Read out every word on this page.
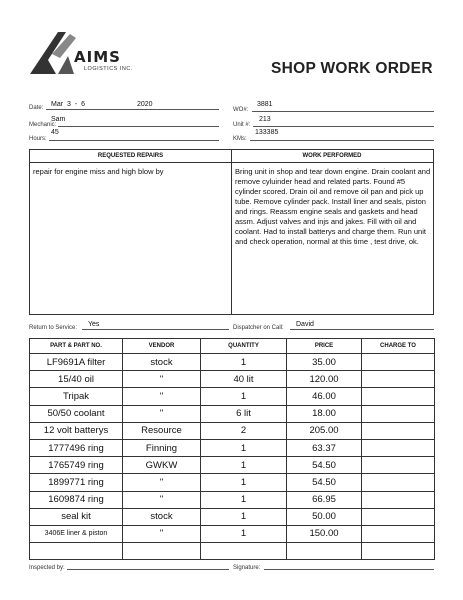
AIMS
LOGISTICS INC.	SHOP WORK ORDER
Date: Mar 3 - 6	2020
WO#:
3881
Mechanic:
Sam
Unit #:
213
Hours:
45
KMs:
133385
REQUESTED REPAIRS	WORK PERFORMED
repair for engine miss and high blow by	Bring unit in shop and tear down engine. Drain coolant and remove cyluinder head and related parts. Found #5 cylinder scored. Drain oil and remove oil pan and pick up tube. Remove cylinder pack. Install liner and seals, piston and rings. Reassm engine seals and gaskets and head assm. Adjust valves and injs and jakes. Fill with oil and coolant. Had to install batterys and charge them. Run unit and check operation, normal at this time , test drive, ok.
Return to Service: Yes	Dispatcher on Call: David
PART & PART NO.	VENDOR	QUANTITY	PRICE	CHARGE TO
LF9691A filter	stock	1	35.00	
15/40 oil	"	40 lit	120.00	
Tripak	"	1	46.00	
50/50 coolant	"	6 lit	18.00	
12 volt batterys	Resource	2	205.00	
1777496 ring	Finning	1	63.37	
1765749 ring	GWKW	1	54.50	
1899771 ring	"	1	54.50	
1609874 ring	"	1	66.95	
seal kit	stock	1	50.00	
3406E liner & piston	"	1	150.00	

Inspected by:	Signature:
